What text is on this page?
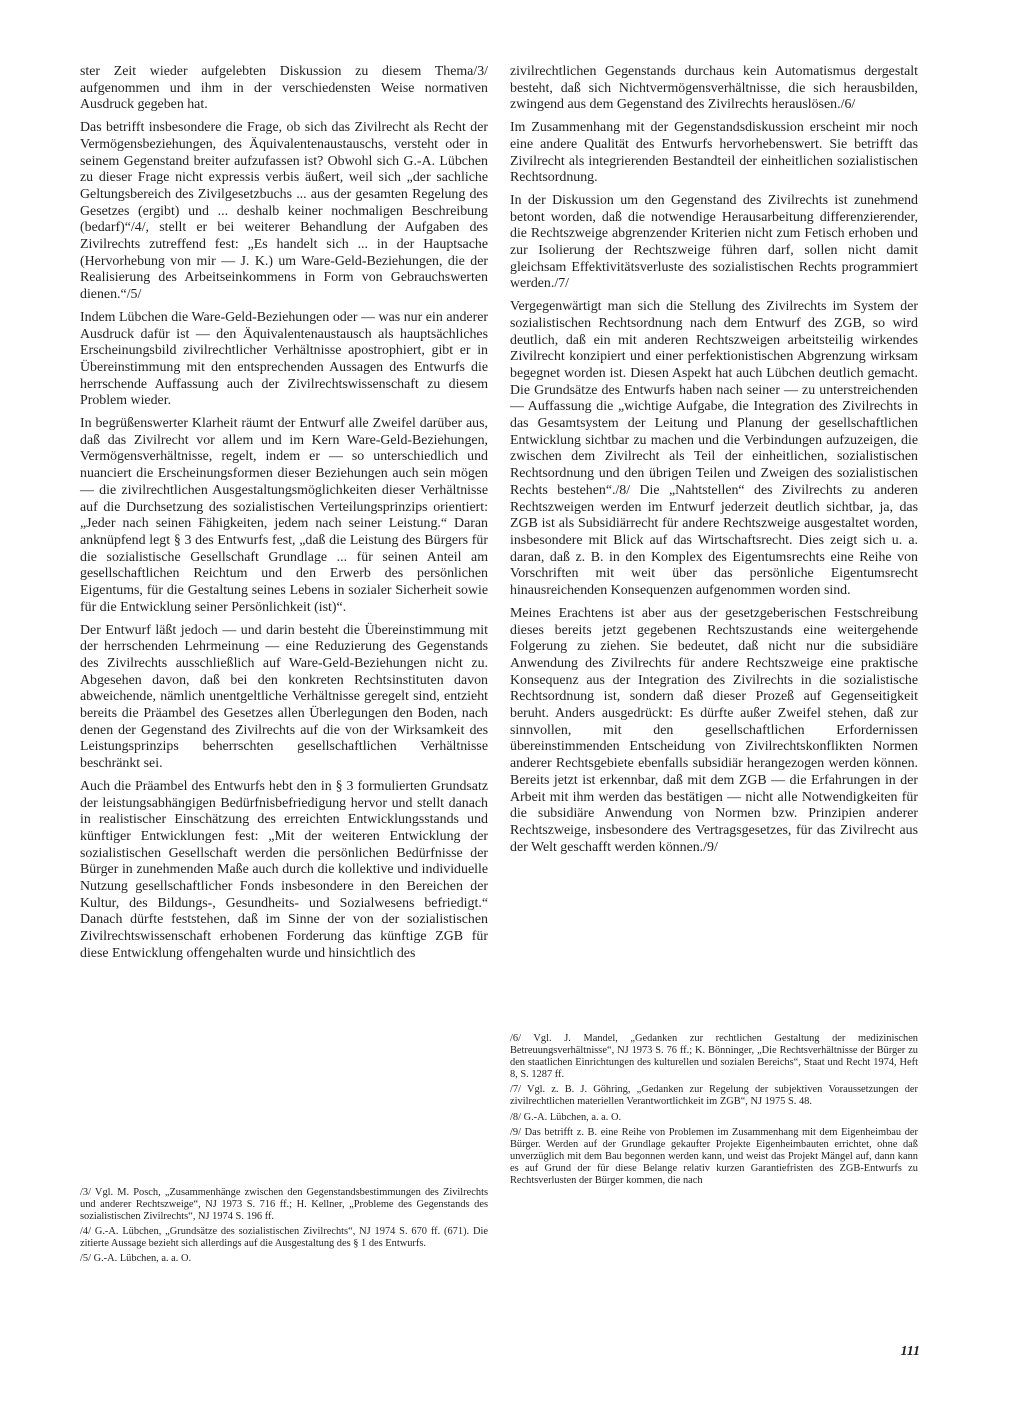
ster Zeit wieder aufgelebten Diskussion zu diesem Thema/3/ aufgenommen und ihm in der verschiedensten Weise normativen Ausdruck gegeben hat.

Das betrifft insbesondere die Frage, ob sich das Zivilrecht als Recht der Vermögensbeziehungen, des Äquivalentenaustauschs, versteht oder in seinem Gegenstand breiter aufzufassen ist? Obwohl sich G.-A. Lübchen zu dieser Frage nicht expressis verbis äußert, weil sich „der sachliche Geltungsbereich des Zivilgesetzbuchs ... aus der gesamten Regelung des Gesetzes (ergibt) und ... deshalb keiner nochmaligen Beschreibung (bedarf)“/4/, stellt er bei weiterer Behandlung der Aufgaben des Zivilrechts zutreffend fest: „Es handelt sich ... in der Hauptsache (Hervorhebung von mir — J. K.) um Ware-Geld-Beziehungen, die der Realisierung des Arbeitseinkommens in Form von Gebrauchswerten dienen.“/5/

Indem Lübchen die Ware-Geld-Beziehungen oder — was nur ein anderer Ausdruck dafür ist — den Äquivalentenaustausch als hauptsächliches Erscheinungsbild zivilrechtlicher Verhältnisse apostrophiert, gibt er in Übereinstimmung mit den entsprechenden Aussagen des Entwurfs die herrschende Auffassung auch der Zivilrechtswissenschaft zu diesem Problem wieder.

In begrüßenswerter Klarheit räumt der Entwurf alle Zweifel darüber aus, daß das Zivilrecht vor allem und im Kern Ware-Geld-Beziehungen, Vermögensverhältnisse, regelt, indem er — so unterschiedlich und nuanciert die Erscheinungsformen dieser Beziehungen auch sein mögen — die zivilrechtlichen Ausgestaltungsmöglichkeiten dieser Verhältnisse auf die Durchsetzung des sozialistischen Verteilungsprinzips orientiert: „Jeder nach seinen Fähigkeiten, jedem nach seiner Leistung.“ Daran anknüpfend legt § 3 des Entwurfs fest, „daß die Leistung des Bürgers für die sozialistische Gesellschaft Grundlage ... für seinen Anteil am gesellschaftlichen Reichtum und den Erwerb des persönlichen Eigentums, für die Gestaltung seines Lebens in sozialer Sicherheit sowie für die Entwicklung seiner Persönlichkeit (ist)“.

Der Entwurf läßt jedoch — und darin besteht die Übereinstimmung mit der herrschenden Lehrmeinung — eine Reduzierung des Gegenstands des Zivilrechts ausschließlich auf Ware-Geld-Beziehungen nicht zu. Abgesehen davon, daß bei den konkreten Rechtsinstituten davon abweichende, nämlich unentgeltliche Verhältnisse geregelt sind, entzieht bereits die Präambel des Gesetzes allen Überlegungen den Boden, nach denen der Gegenstand des Zivilrechts auf die von der Wirksamkeit des Leistungsprinzips beherrschten gesellschaftlichen Verhältnisse beschränkt sei.

Auch die Präambel des Entwurfs hebt den in § 3 formulierten Grundsatz der leistungsabhängigen Bedürfnisbefriedigung hervor und stellt danach in realistischer Einschätzung des erreichten Entwicklungsstands und künftiger Entwicklungen fest: „Mit der weiteren Entwicklung der sozialistischen Gesellschaft werden die persönlichen Bedürfnisse der Bürger in zunehmenden Maße auch durch die kollektive und individuelle Nutzung gesellschaftlicher Fonds insbesondere in den Bereichen der Kultur, des Bildungs-, Gesundheits- und Sozialwesens befriedigt.“ Danach dürfte feststehen, daß im Sinne der von der sozialistischen Zivilrechtswissenschaft erhobenen Forderung das künftige ZGB für diese Entwicklung offengehalten wurde und hinsichtlich des

zivilrechtlichen Gegenstands durchaus kein Automatismus dergestalt besteht, daß sich Nichtvermögensverhältnisse, die sich herausbilden, zwingend aus dem Gegenstand des Zivilrechts herauslösen./6/

Im Zusammenhang mit der Gegenstandsdiskussion erscheint mir noch eine andere Qualität des Entwurfs hervorhebenswert. Sie betrifft das Zivilrecht als integrierenden Bestandteil der einheitlichen sozialistischen Rechtsordnung.

In der Diskussion um den Gegenstand des Zivilrechts ist zunehmend betont worden, daß die notwendige Herausarbeitung differenzierender, die Rechtszweige abgrenzender Kriterien nicht zum Fetisch erhoben und zur Isolierung der Rechtszweige führen darf, sollen nicht damit gleichsam Effektivitätsverluste des sozialistischen Rechts programmiert werden./7/

Vergegenwärtigt man sich die Stellung des Zivilrechts im System der sozialistischen Rechtsordnung nach dem Entwurf des ZGB, so wird deutlich, daß ein mit anderen Rechtszweigen arbeitsteilig wirkendes Zivilrecht konzipiert und einer perfektionistischen Abgrenzung wirksam begegnet worden ist. Diesen Aspekt hat auch Lübchen deutlich gemacht. Die Grundsätze des Entwurfs haben nach seiner — zu unterstreichenden — Auffassung die „wichtige Aufgabe, die Integration des Zivilrechts in das Gesamtsystem der Leitung und Planung der gesellschaftlichen Entwicklung sichtbar zu machen und die Verbindungen aufzuzeigen, die zwischen dem Zivilrecht als Teil der einheitlichen, sozialistischen Rechtsordnung und den übrigen Teilen und Zweigen des sozialistischen Rechts bestehen“./8/ Die „Nahtstellen“ des Zivilrechts zu anderen Rechtszweigen werden im Entwurf jederzeit deutlich sichtbar, ja, das ZGB ist als Subsidiärrecht für andere Rechtszweige ausgestaltet worden, insbesondere mit Blick auf das Wirtschaftsrecht. Dies zeigt sich u. a. daran, daß z. B. in den Komplex des Eigentumsrechts eine Reihe von Vorschriften mit weit über das persönliche Eigentumsrecht hinausreichenden Konsequenzen aufgenommen worden sind.

Meines Erachtens ist aber aus der gesetzgeberischen Festschreibung dieses bereits jetzt gegebenen Rechtszustands eine weitergehende Folgerung zu ziehen. Sie bedeutet, daß nicht nur die subsidiäre Anwendung des Zivilrechts für andere Rechtszweige eine praktische Konsequenz aus der Integration des Zivilrechts in die sozialistische Rechtsordnung ist, sondern daß dieser Prozeß auf Gegenseitigkeit beruht. Anders ausgedrückt: Es dürfte außer Zweifel stehen, daß zur sinnvollen, mit den gesellschaftlichen Erfordernissen übereinstimmenden Entscheidung von Zivilrechtskonflikten Normen anderer Rechtsgebiete ebenfalls subsidiär herangezogen werden können. Bereits jetzt ist erkennbar, daß mit dem ZGB — die Erfahrungen in der Arbeit mit ihm werden das bestätigen — nicht alle Notwendigkeiten für die subsidiäre Anwendung von Normen bzw. Prinzipien anderer Rechtszweige, insbesondere des Vertragsgesetzes, für das Zivilrecht aus der Welt geschafft werden können./9/

/3/ Vgl. M. Posch, „Zusammenhänge zwischen den Gegenstandsbestimmungen des Zivilrechts und anderer Rechtszweige“, NJ 1973 S. 716 ff.; H. Kellner, „Probleme des Gegenstands des sozialistischen Zivilrechts“, NJ 1974 S. 196 ff.

/4/ G.-A. Lübchen, „Grundsätze des sozialistischen Zivilrechts“, NJ 1974 S. 670 ff. (671). Die zitierte Aussage bezieht sich allerdings auf die Ausgestaltung des § 1 des Entwurfs.

/5/ G.-A. Lübchen, a. a. O.

/6/ Vgl. J. Mandel, „Gedanken zur rechtlichen Gestaltung der medizinischen Betreuungsverhältnisse“, NJ 1973 S. 76 ff.; K. Bönninger, „Die Rechtsverhältnisse der Bürger zu den staatlichen Einrichtungen des kulturellen und sozialen Bereichs“, Staat und Recht 1974, Heft 8, S. 1287 ff.

/7/ Vgl. z. B. J. Göhring, „Gedanken zur Regelung der subjektiven Voraussetzungen der zivilrechtlichen materiellen Verantwortlichkeit im ZGB“, NJ 1975 S. 48.

/8/ G.-A. Lübchen, a. a. O.

/9/ Das betrifft z. B. eine Reihe von Problemen im Zusammenhang mit dem Eigenheimbau der Bürger. Werden auf der Grundlage gekaufter Projekte Eigenheimbauten errichtet, ohne daß unverzüglich mit dem Bau begonnen werden kann, und weist das Projekt Mängel auf, dann kann es auf Grund der für diese Belange relativ kurzen Garantiefristen des ZGB-Entwurfs zu Rechtsverlusten der Bürger kommen, die nach

111
